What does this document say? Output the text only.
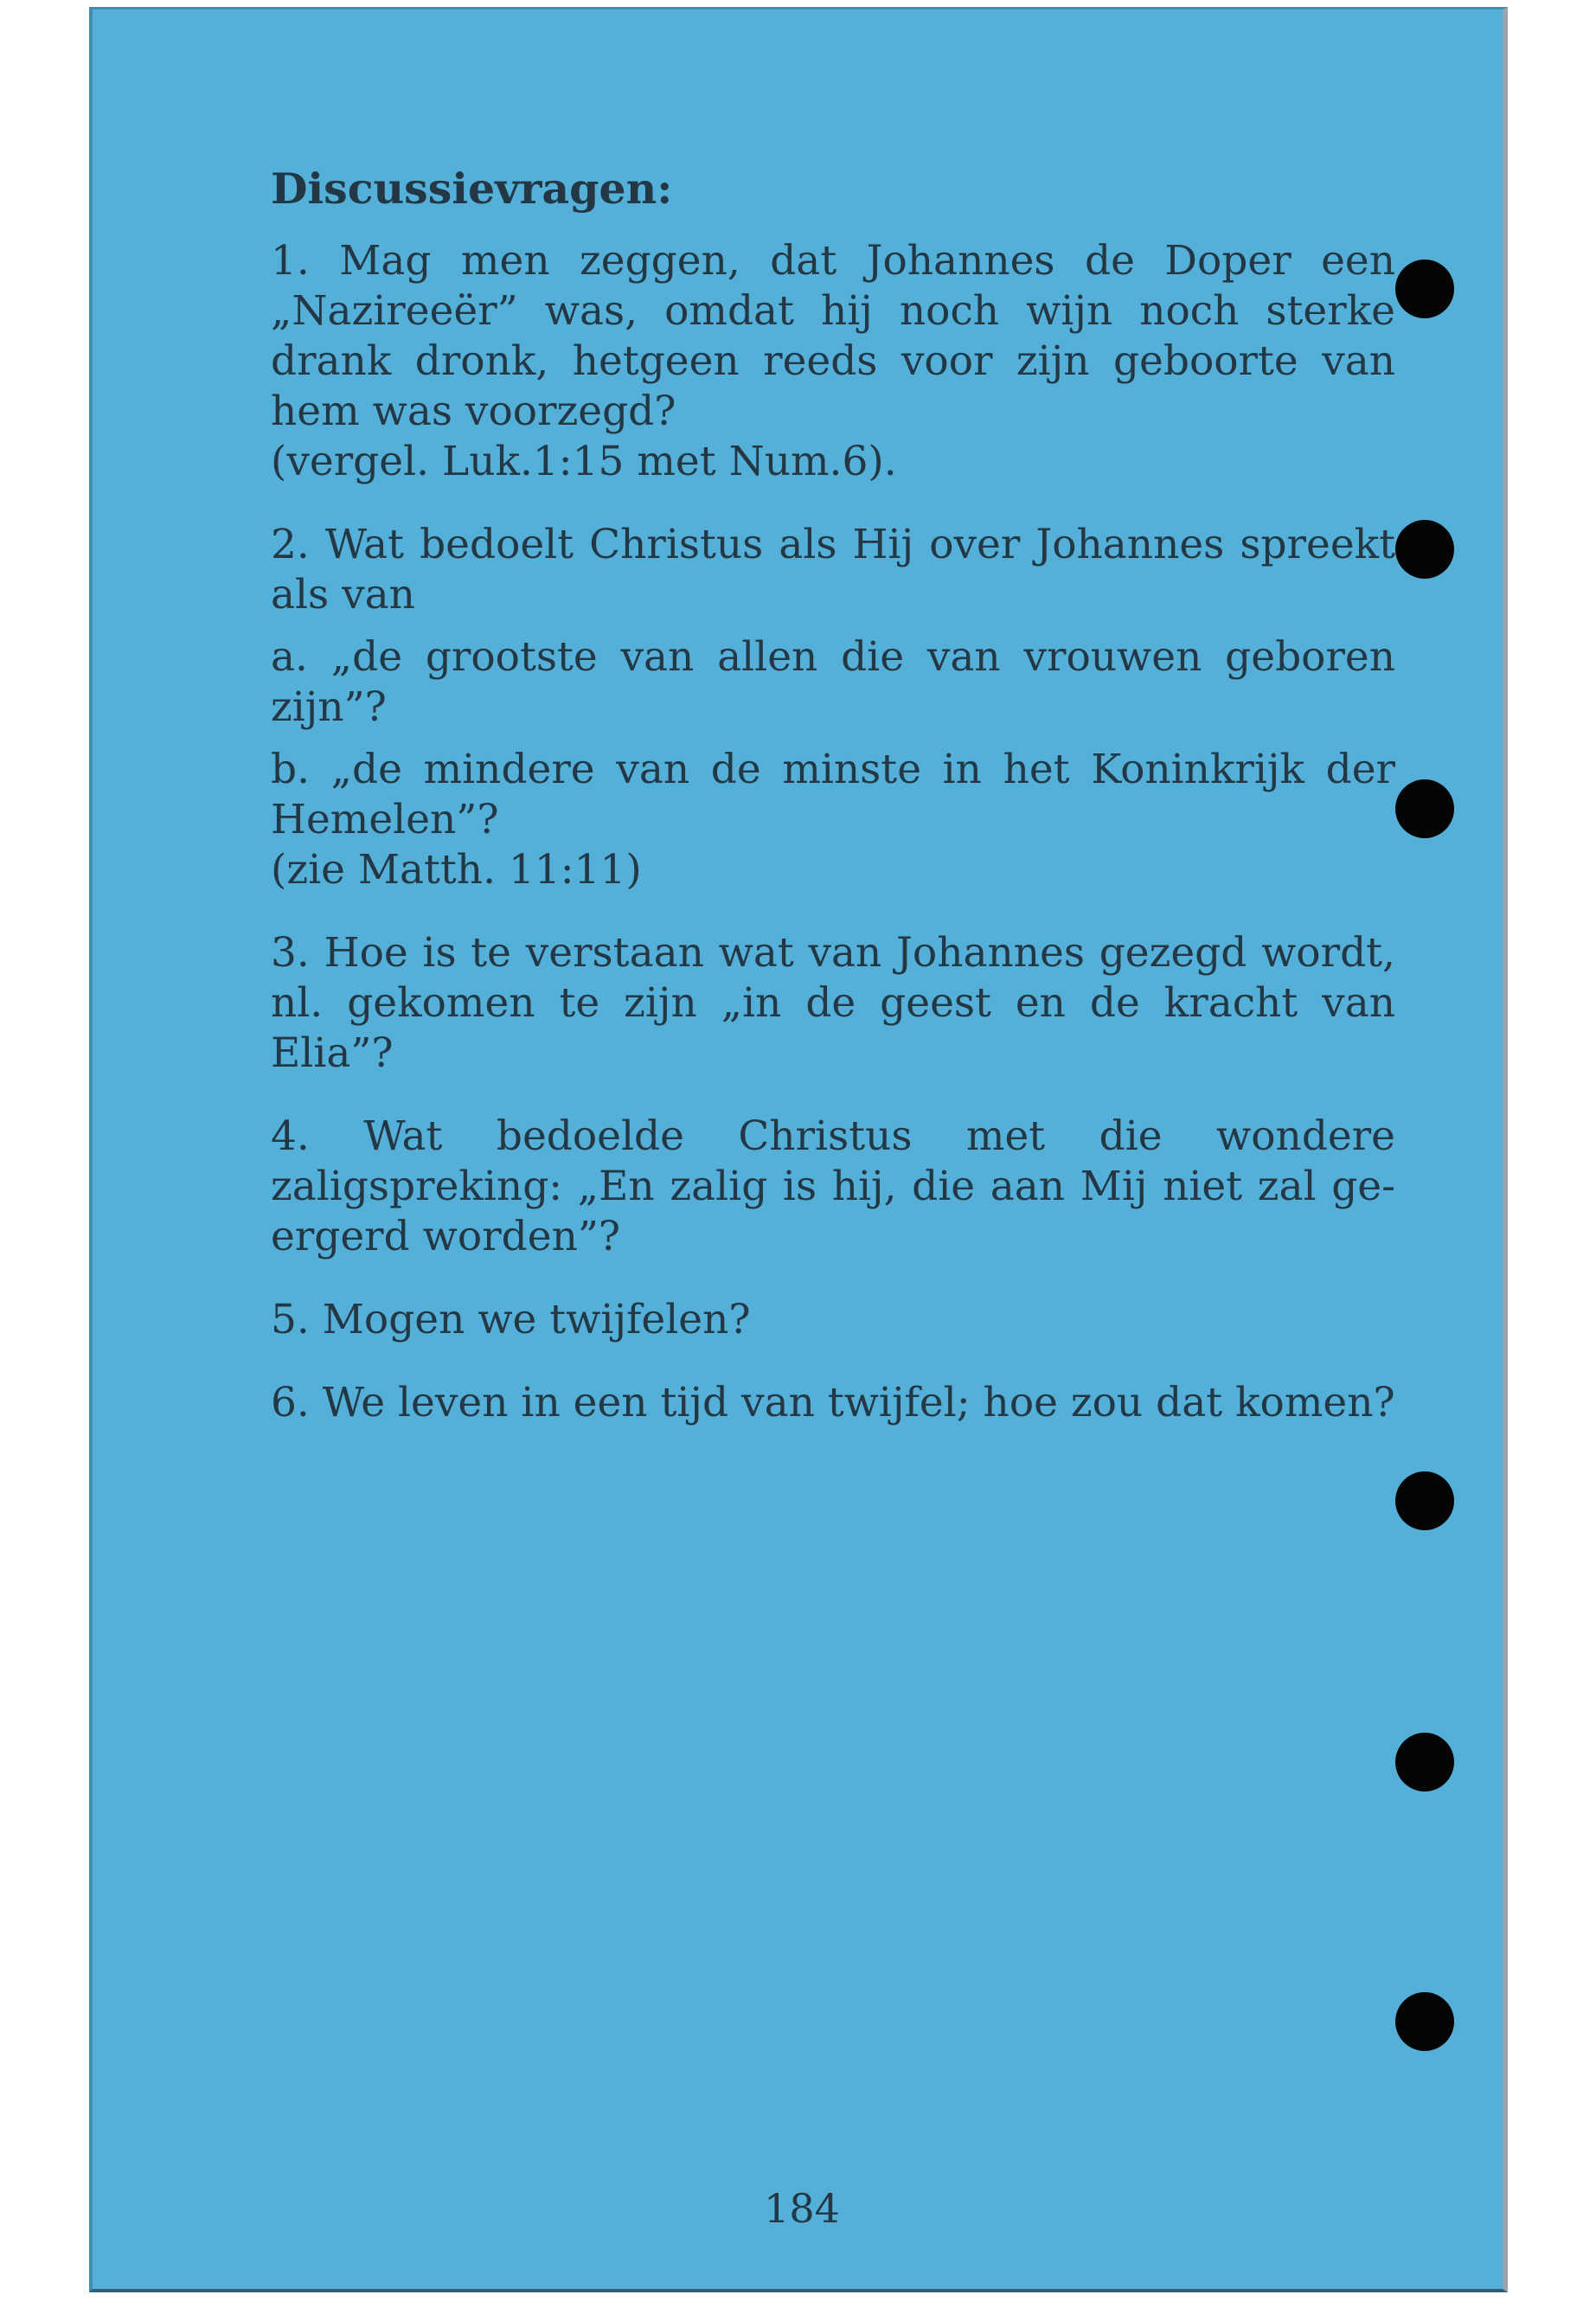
Discussievragen:
1. Mag men zeggen, dat Johannes de Doper een „Nazireeër” was, omdat hij noch wijn noch sterke drank dronk, hetgeen reeds voor zijn geboorte van hem was voorzegd?
(vergel. Luk.1:15 met Num.6).
2. Wat bedoelt Christus als Hij over Johannes spreekt als van
a. „de grootste van allen die van vrouwen geboren zijn”?
b. „de mindere van de minste in het Koninkrijk der Hemelen”?
(zie Matth. 11:11)
3. Hoe is te verstaan wat van Johannes gezegd wordt, nl. gekomen te zijn „in de geest en de kracht van Elia”?
4. Wat bedoelde Christus met die wondere zaligspreking: „En zalig is hij, die aan Mij niet zal ge-ergerd worden”?
5. Mogen we twijfelen?
6. We leven in een tijd van twijfel; hoe zou dat komen?
184
